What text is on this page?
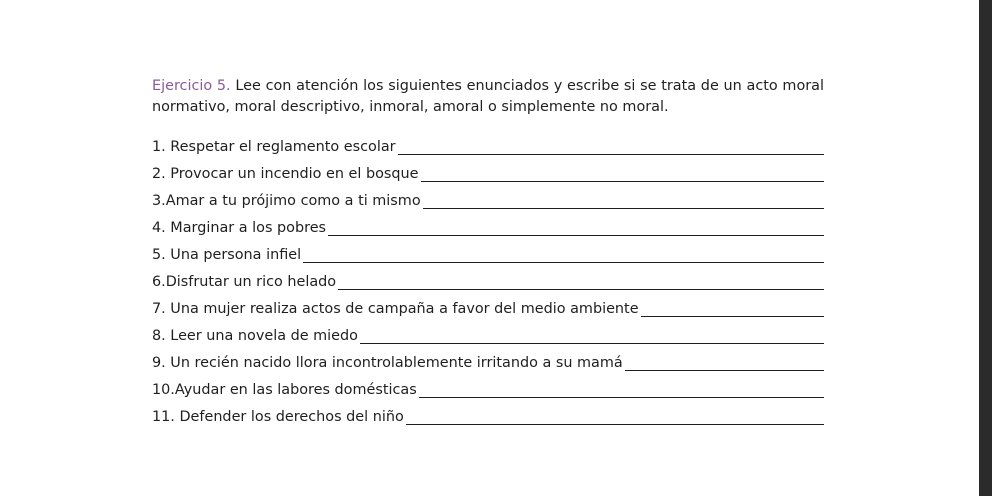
Ejercicio 5. Lee con atención los siguientes enunciados y escribe si se trata de un acto moral normativo, moral descriptivo, inmoral, amoral o simplemente no moral.

1. Respetar el reglamento escolar
2. Provocar un incendio en el bosque
3.Amar a tu prójimo como a ti mismo
4. Marginar a los pobres
5. Una persona infiel
6.Disfrutar un rico helado
7. Una mujer realiza actos de campaña a favor del medio ambiente
8. Leer una novela de miedo
9. Un recién nacido llora incontrolablemente irritando a su mamá
10.Ayudar en las labores domésticas
11. Defender los derechos del niño
